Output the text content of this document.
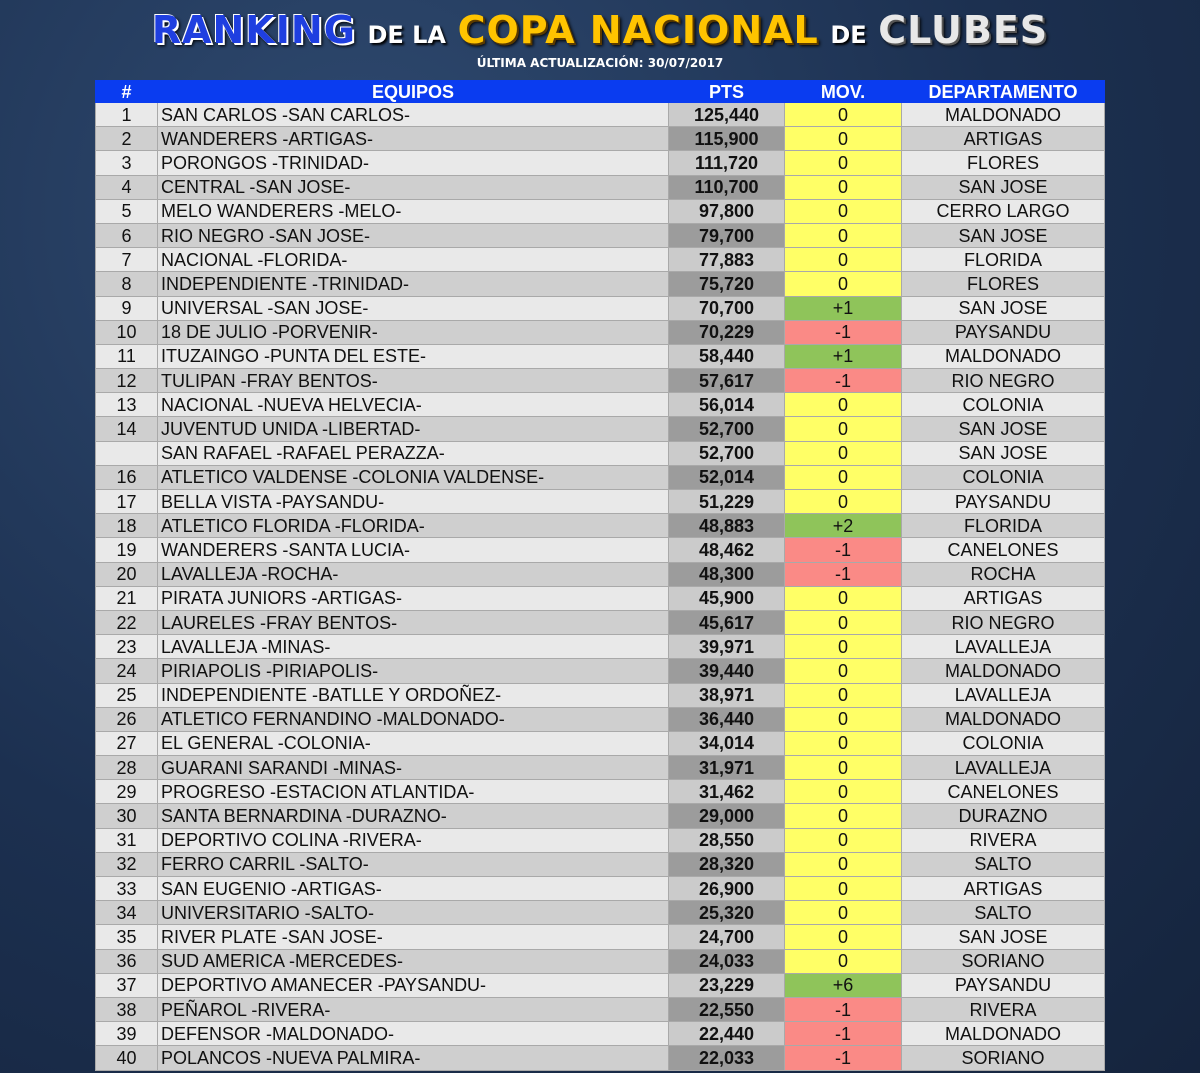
RANKING DE LA COPA NACIONAL DE CLUBES
ÚLTIMA ACTUALIZACIÓN: 30/07/2017
#	EQUIPOS	PTS	MOV.	DEPARTAMENTO
1	SAN CARLOS -SAN CARLOS-	125,440	0	MALDONADO
2	WANDERERS -ARTIGAS-	115,900	0	ARTIGAS
3	PORONGOS -TRINIDAD-	111,720	0	FLORES
4	CENTRAL -SAN JOSE-	110,700	0	SAN JOSE
5	MELO WANDERERS -MELO-	97,800	0	CERRO LARGO
6	RIO NEGRO -SAN JOSE-	79,700	0	SAN JOSE
7	NACIONAL -FLORIDA-	77,883	0	FLORIDA
8	INDEPENDIENTE -TRINIDAD-	75,720	0	FLORES
9	UNIVERSAL -SAN JOSE-	70,700	+1	SAN JOSE
10	18 DE JULIO -PORVENIR-	70,229	-1	PAYSANDU
11	ITUZAINGO -PUNTA DEL ESTE-	58,440	+1	MALDONADO
12	TULIPAN -FRAY BENTOS-	57,617	-1	RIO NEGRO
13	NACIONAL -NUEVA HELVECIA-	56,014	0	COLONIA
14	JUVENTUD UNIDA -LIBERTAD-	52,700	0	SAN JOSE
	SAN RAFAEL -RAFAEL PERAZZA-	52,700	0	SAN JOSE
16	ATLETICO VALDENSE -COLONIA VALDENSE-	52,014	0	COLONIA
17	BELLA VISTA -PAYSANDU-	51,229	0	PAYSANDU
18	ATLETICO FLORIDA -FLORIDA-	48,883	+2	FLORIDA
19	WANDERERS -SANTA LUCIA-	48,462	-1	CANELONES
20	LAVALLEJA -ROCHA-	48,300	-1	ROCHA
21	PIRATA JUNIORS -ARTIGAS-	45,900	0	ARTIGAS
22	LAURELES -FRAY BENTOS-	45,617	0	RIO NEGRO
23	LAVALLEJA -MINAS-	39,971	0	LAVALLEJA
24	PIRIAPOLIS -PIRIAPOLIS-	39,440	0	MALDONADO
25	INDEPENDIENTE -BATLLE Y ORDOÑEZ-	38,971	0	LAVALLEJA
26	ATLETICO FERNANDINO -MALDONADO-	36,440	0	MALDONADO
27	EL GENERAL -COLONIA-	34,014	0	COLONIA
28	GUARANI SARANDI -MINAS-	31,971	0	LAVALLEJA
29	PROGRESO -ESTACION ATLANTIDA-	31,462	0	CANELONES
30	SANTA BERNARDINA -DURAZNO-	29,000	0	DURAZNO
31	DEPORTIVO COLINA -RIVERA-	28,550	0	RIVERA
32	FERRO CARRIL -SALTO-	28,320	0	SALTO
33	SAN EUGENIO -ARTIGAS-	26,900	0	ARTIGAS
34	UNIVERSITARIO -SALTO-	25,320	0	SALTO
35	RIVER PLATE -SAN JOSE-	24,700	0	SAN JOSE
36	SUD AMERICA -MERCEDES-	24,033	0	SORIANO
37	DEPORTIVO AMANECER -PAYSANDU-	23,229	+6	PAYSANDU
38	PEÑAROL -RIVERA-	22,550	-1	RIVERA
39	DEFENSOR -MALDONADO-	22,440	-1	MALDONADO
40	POLANCOS -NUEVA PALMIRA-	22,033	-1	SORIANO
